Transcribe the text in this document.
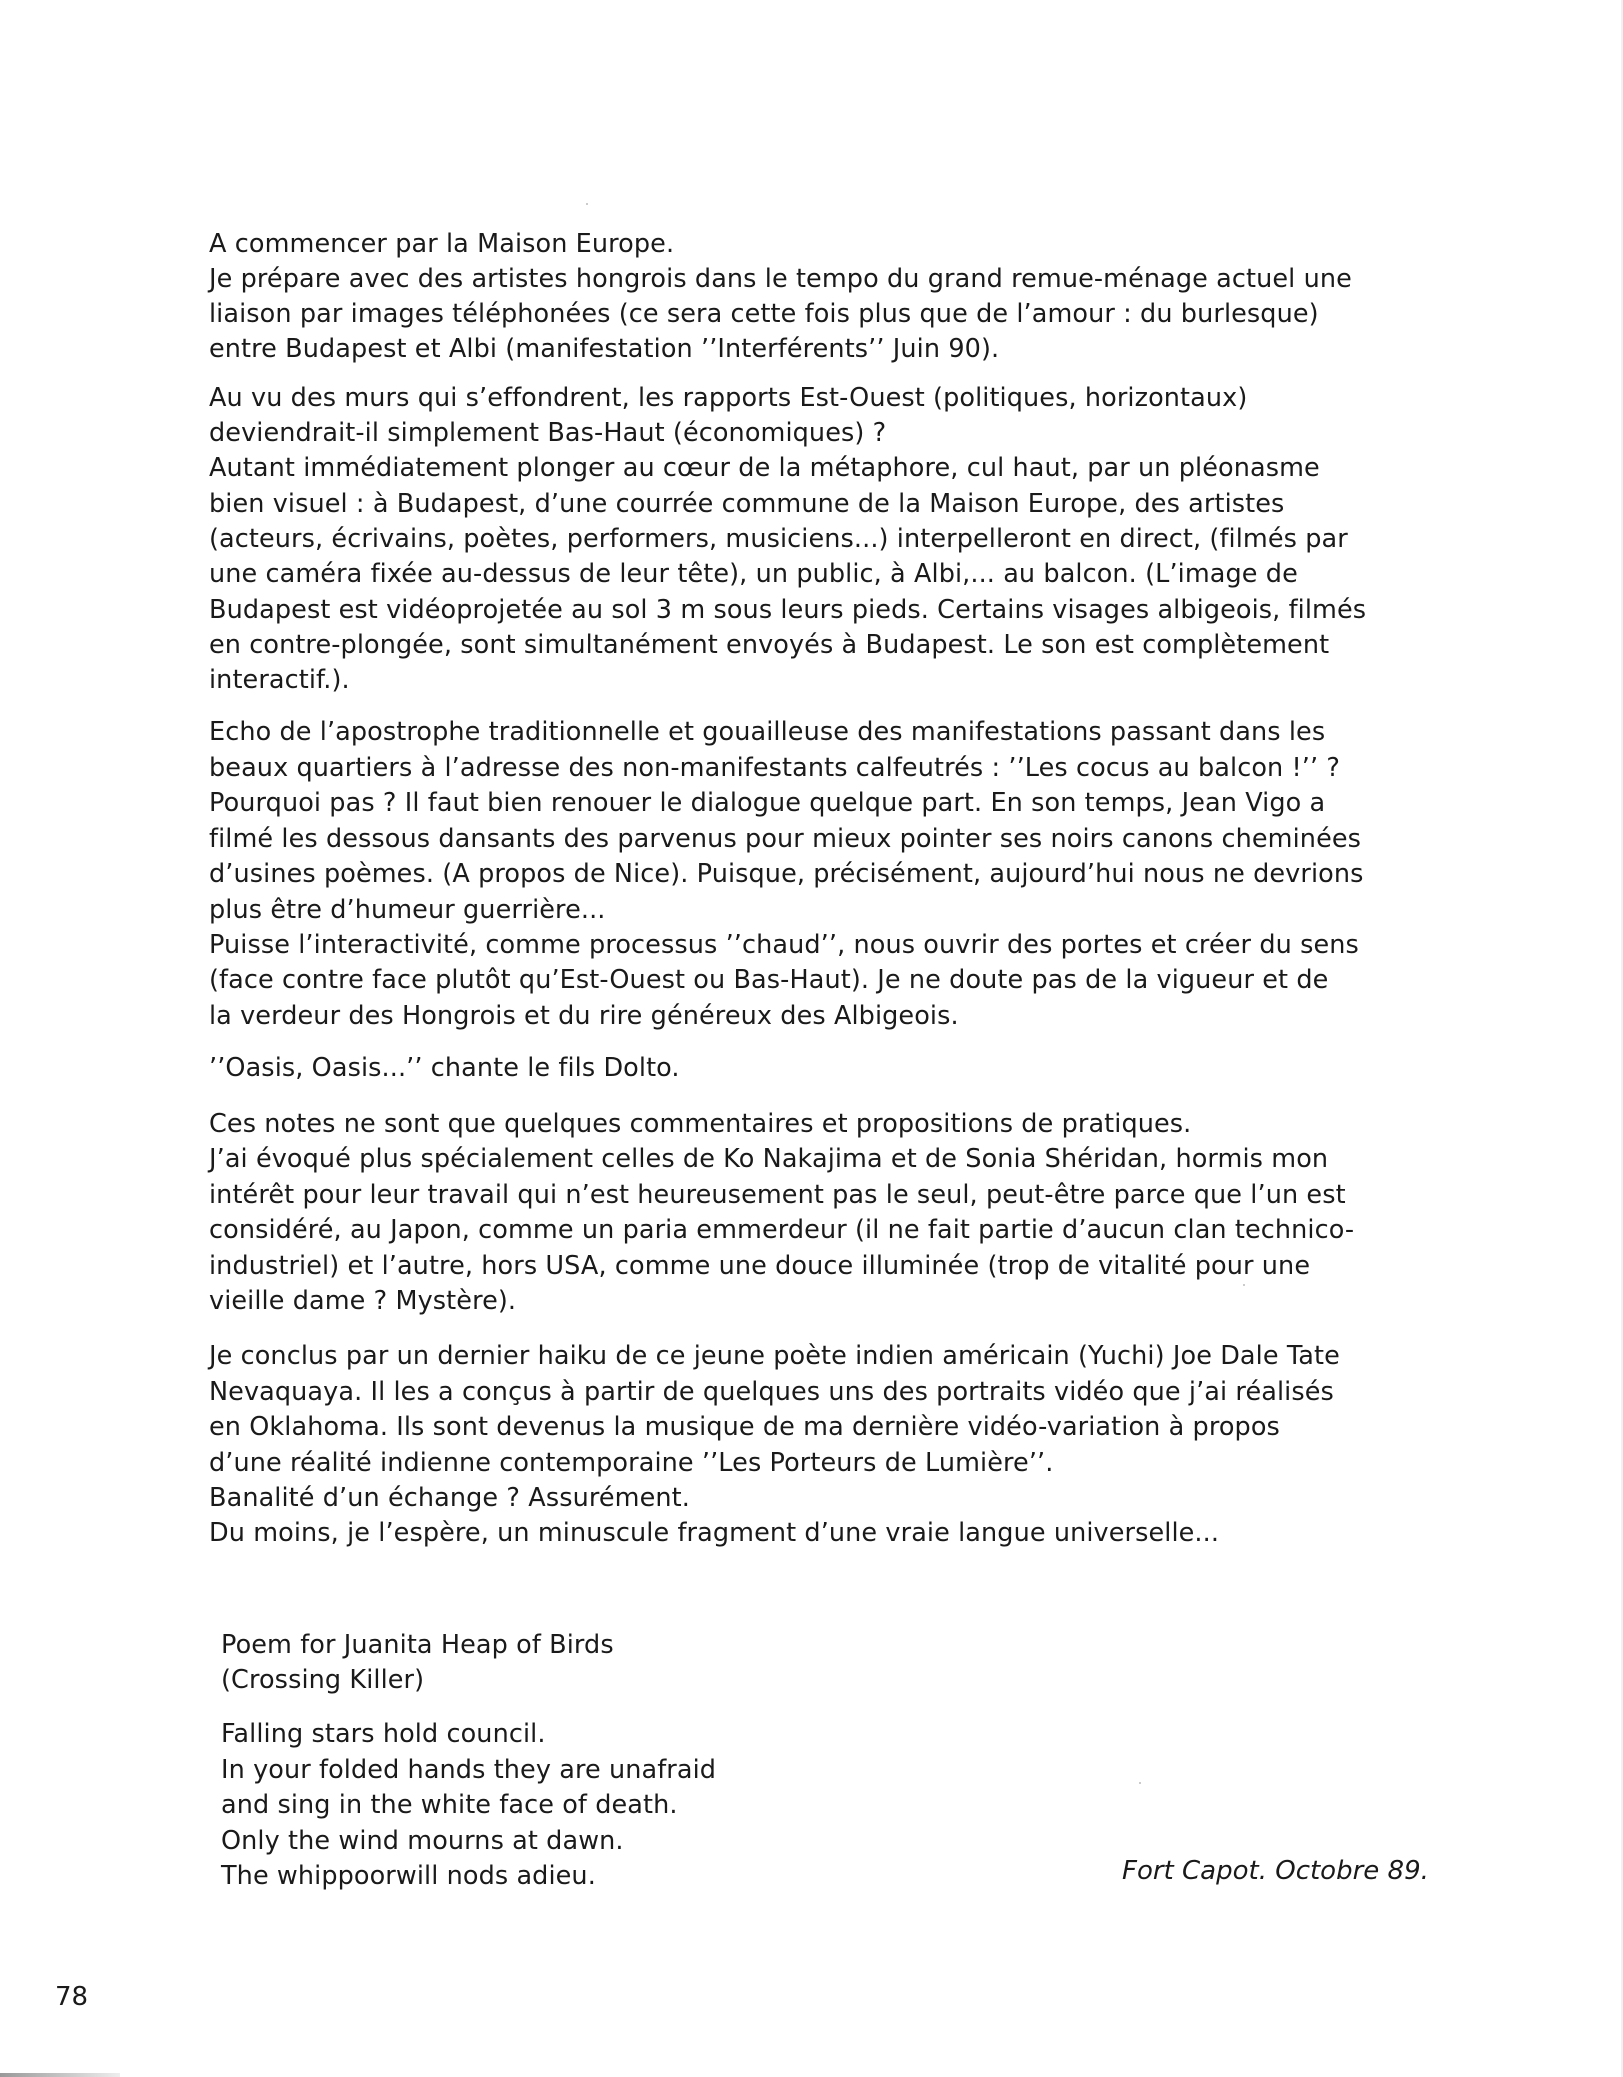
A commencer par la Maison Europe.
Je prépare avec des artistes hongrois dans le tempo du grand remue-ménage actuel une
liaison par images téléphonées (ce sera cette fois plus que de l’amour : du burlesque)
entre Budapest et Albi (manifestation ’’Interférents’’ Juin 90).
Au vu des murs qui s’effondrent, les rapports Est-Ouest (politiques, horizontaux)
deviendrait-il simplement Bas-Haut (économiques) ?
Autant immédiatement plonger au cœur de la métaphore, cul haut, par un pléonasme
bien visuel : à Budapest, d’une courrée commune de la Maison Europe, des artistes
(acteurs, écrivains, poètes, performers, musiciens...) interpelleront en direct, (filmés par
une caméra fixée au-dessus de leur tête), un public, à Albi,... au balcon. (L’image de
Budapest est vidéoprojetée au sol 3 m sous leurs pieds. Certains visages albigeois, filmés
en contre-plongée, sont simultanément envoyés à Budapest. Le son est complètement
interactif.).
Echo de l’apostrophe traditionnelle et gouailleuse des manifestations passant dans les
beaux quartiers à l’adresse des non-manifestants calfeutrés : ’’Les cocus au balcon !’’ ?
Pourquoi pas ? Il faut bien renouer le dialogue quelque part. En son temps, Jean Vigo a
filmé les dessous dansants des parvenus pour mieux pointer ses noirs canons cheminées
d’usines poèmes. (A propos de Nice). Puisque, précisément, aujourd’hui nous ne devrions
plus être d’humeur guerrière...
Puisse l’interactivité, comme processus ’’chaud’’, nous ouvrir des portes et créer du sens
(face contre face plutôt qu’Est-Ouest ou Bas-Haut). Je ne doute pas de la vigueur et de
la verdeur des Hongrois et du rire généreux des Albigeois.
’’Oasis, Oasis...’’ chante le fils Dolto.
Ces notes ne sont que quelques commentaires et propositions de pratiques.
J’ai évoqué plus spécialement celles de Ko Nakajima et de Sonia Shéridan, hormis mon
intérêt pour leur travail qui n’est heureusement pas le seul, peut-être parce que l’un est
considéré, au Japon, comme un paria emmerdeur (il ne fait partie d’aucun clan technico-
industriel) et l’autre, hors USA, comme une douce illuminée (trop de vitalité pour une
vieille dame ? Mystère).
Je conclus par un dernier haiku de ce jeune poète indien américain (Yuchi) Joe Dale Tate
Nevaquaya. Il les a conçus à partir de quelques uns des portraits vidéo que j’ai réalisés
en Oklahoma. Ils sont devenus la musique de ma dernière vidéo-variation à propos
d’une réalité indienne contemporaine ’’Les Porteurs de Lumière’’.
Banalité d’un échange ? Assurément.
Du moins, je l’espère, un minuscule fragment d’une vraie langue universelle...
Poem for Juanita Heap of Birds
(Crossing Killer)
Falling stars hold council.
In your folded hands they are unafraid
and sing in the white face of death.
Only the wind mourns at dawn.
The whippoorwill nods adieu.	Fort Capot. Octobre 89.
78
